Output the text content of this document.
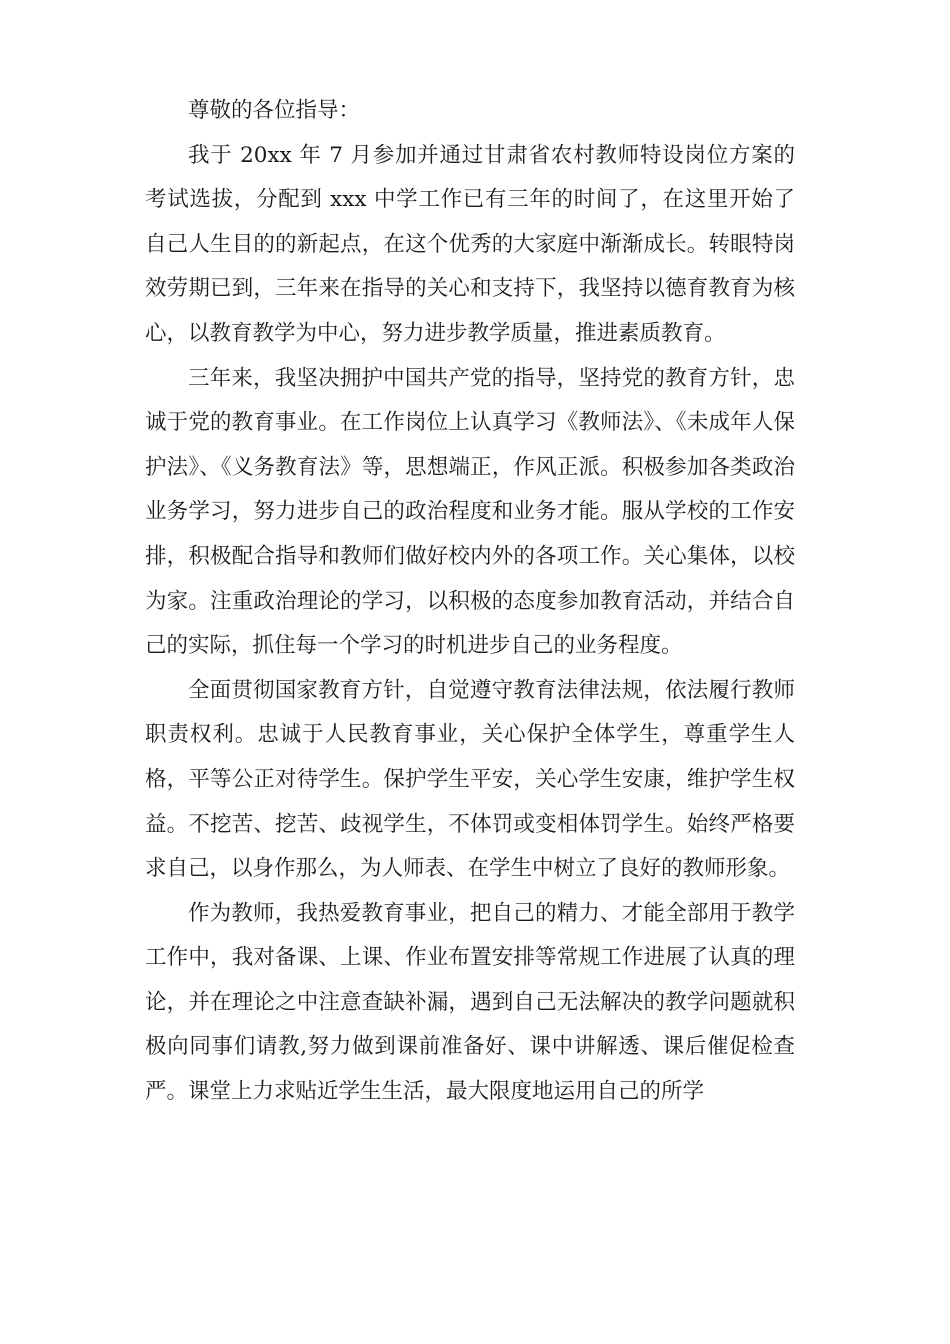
尊敬的各位指导：

我于 20xx 年 7 月参加并通过甘肃省农村教师特设岗位方案的考试选拔，分配到 xxx 中学工作已有三年的时间了，在这里开始了自己人生目的的新起点，在这个优秀的大家庭中渐渐成长。转眼特岗效劳期已到，三年来在指导的关心和支持下，我坚持以德育教育为核心，以教育教学为中心，努力进步教学质量，推进素质教育。

三年来，我坚决拥护中国共产党的指导，坚持党的教育方针，忠诚于党的教育事业。在工作岗位上认真学习《教师法》、《未成年人保护法》、《义务教育法》等，思想端正，作风正派。积极参加各类政治业务学习，努力进步自己的政治程度和业务才能。服从学校的工作安排，积极配合指导和教师们做好校内外的各项工作。关心集体，以校为家。注重政治理论的学习，以积极的态度参加教育活动，并结合自己的实际，抓住每一个学习的时机进步自己的业务程度。

全面贯彻国家教育方针，自觉遵守教育法律法规，依法履行教师职责权利。忠诚于人民教育事业，关心保护全体学生，尊重学生人格，平等公正对待学生。保护学生平安，关心学生安康，维护学生权益。不挖苦、挖苦、歧视学生，不体罚或变相体罚学生。始终严格要求自己，以身作那么，为人师表、在学生中树立了良好的教师形象。

作为教师，我热爱教育事业，把自己的精力、才能全部用于教学工作中，我对备课、上课、作业布置安排等常规工作进展了认真的理论，并在理论之中注意查缺补漏，遇到自己无法解决的教学问题就积极向同事们请教,努力做到课前准备好、课中讲解透、课后催促检查严。课堂上力求贴近学生生活，最大限度地运用自己的所学
